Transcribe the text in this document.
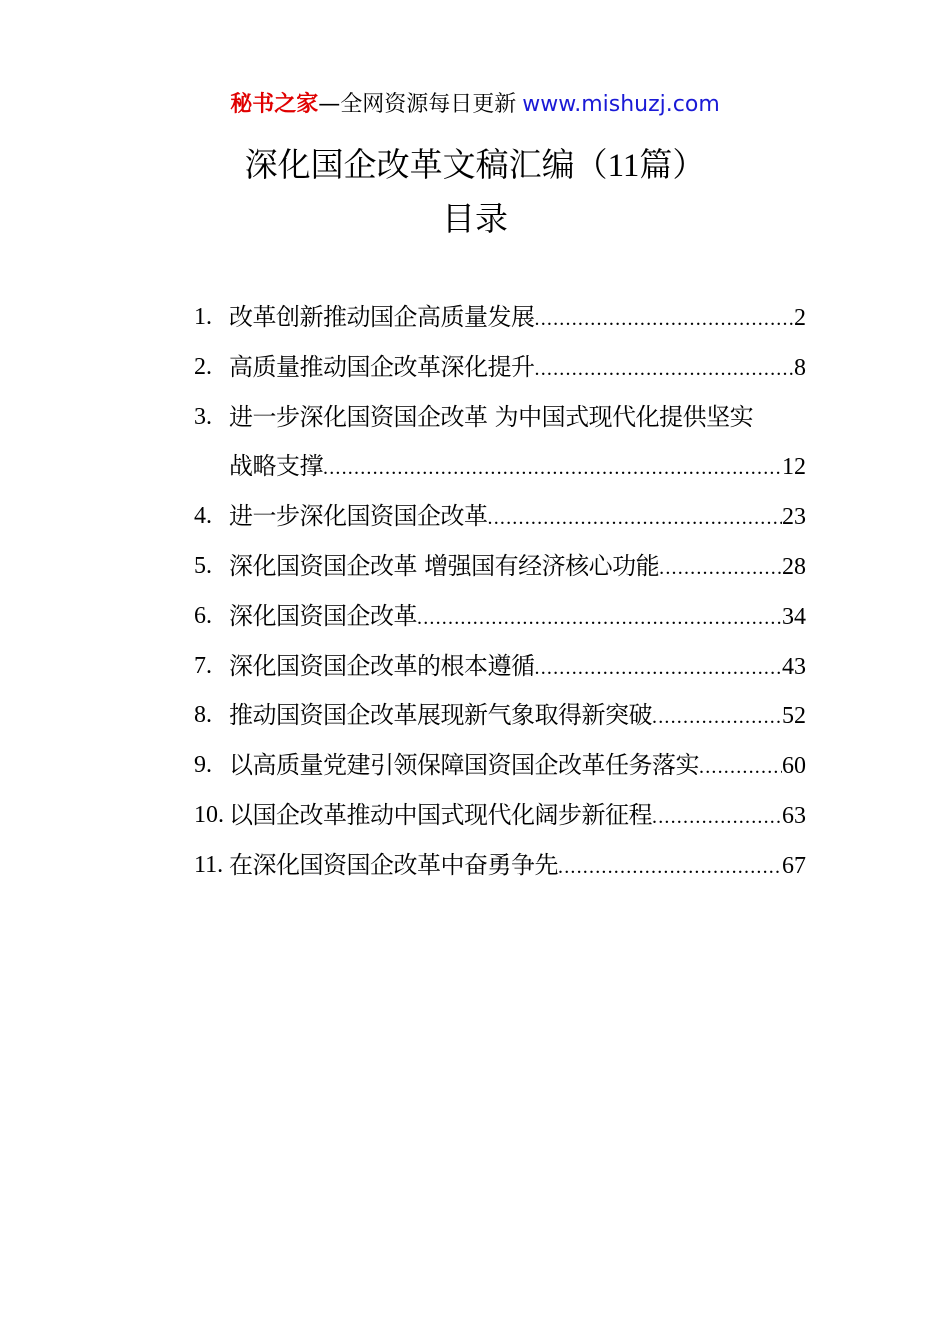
秘书之家—全网资源每日更新 www.mishuzj.com
深化国企改革文稿汇编（11篇）
目录
1. 改革创新推动国企高质量发展 .....	2
2. 高质量推动国企改革深化提升 .....	8
3. 进一步深化国资国企改革 为中国式现代化提供坚实
战略支撑 .....	12
4. 进一步深化国资国企改革 .....	23
5. 深化国资国企改革 增强国有经济核心功能 .....	28
6. 深化国资国企改革 .....	34
7. 深化国资国企改革的根本遵循 .....	43
8. 推动国资国企改革展现新气象取得新突破 .....	52
9. 以高质量党建引领保障国资国企改革任务落实 .....	60
10. 以国企改革推动中国式现代化阔步新征程 .....	63
11. 在深化国资国企改革中奋勇争先 .....	67
